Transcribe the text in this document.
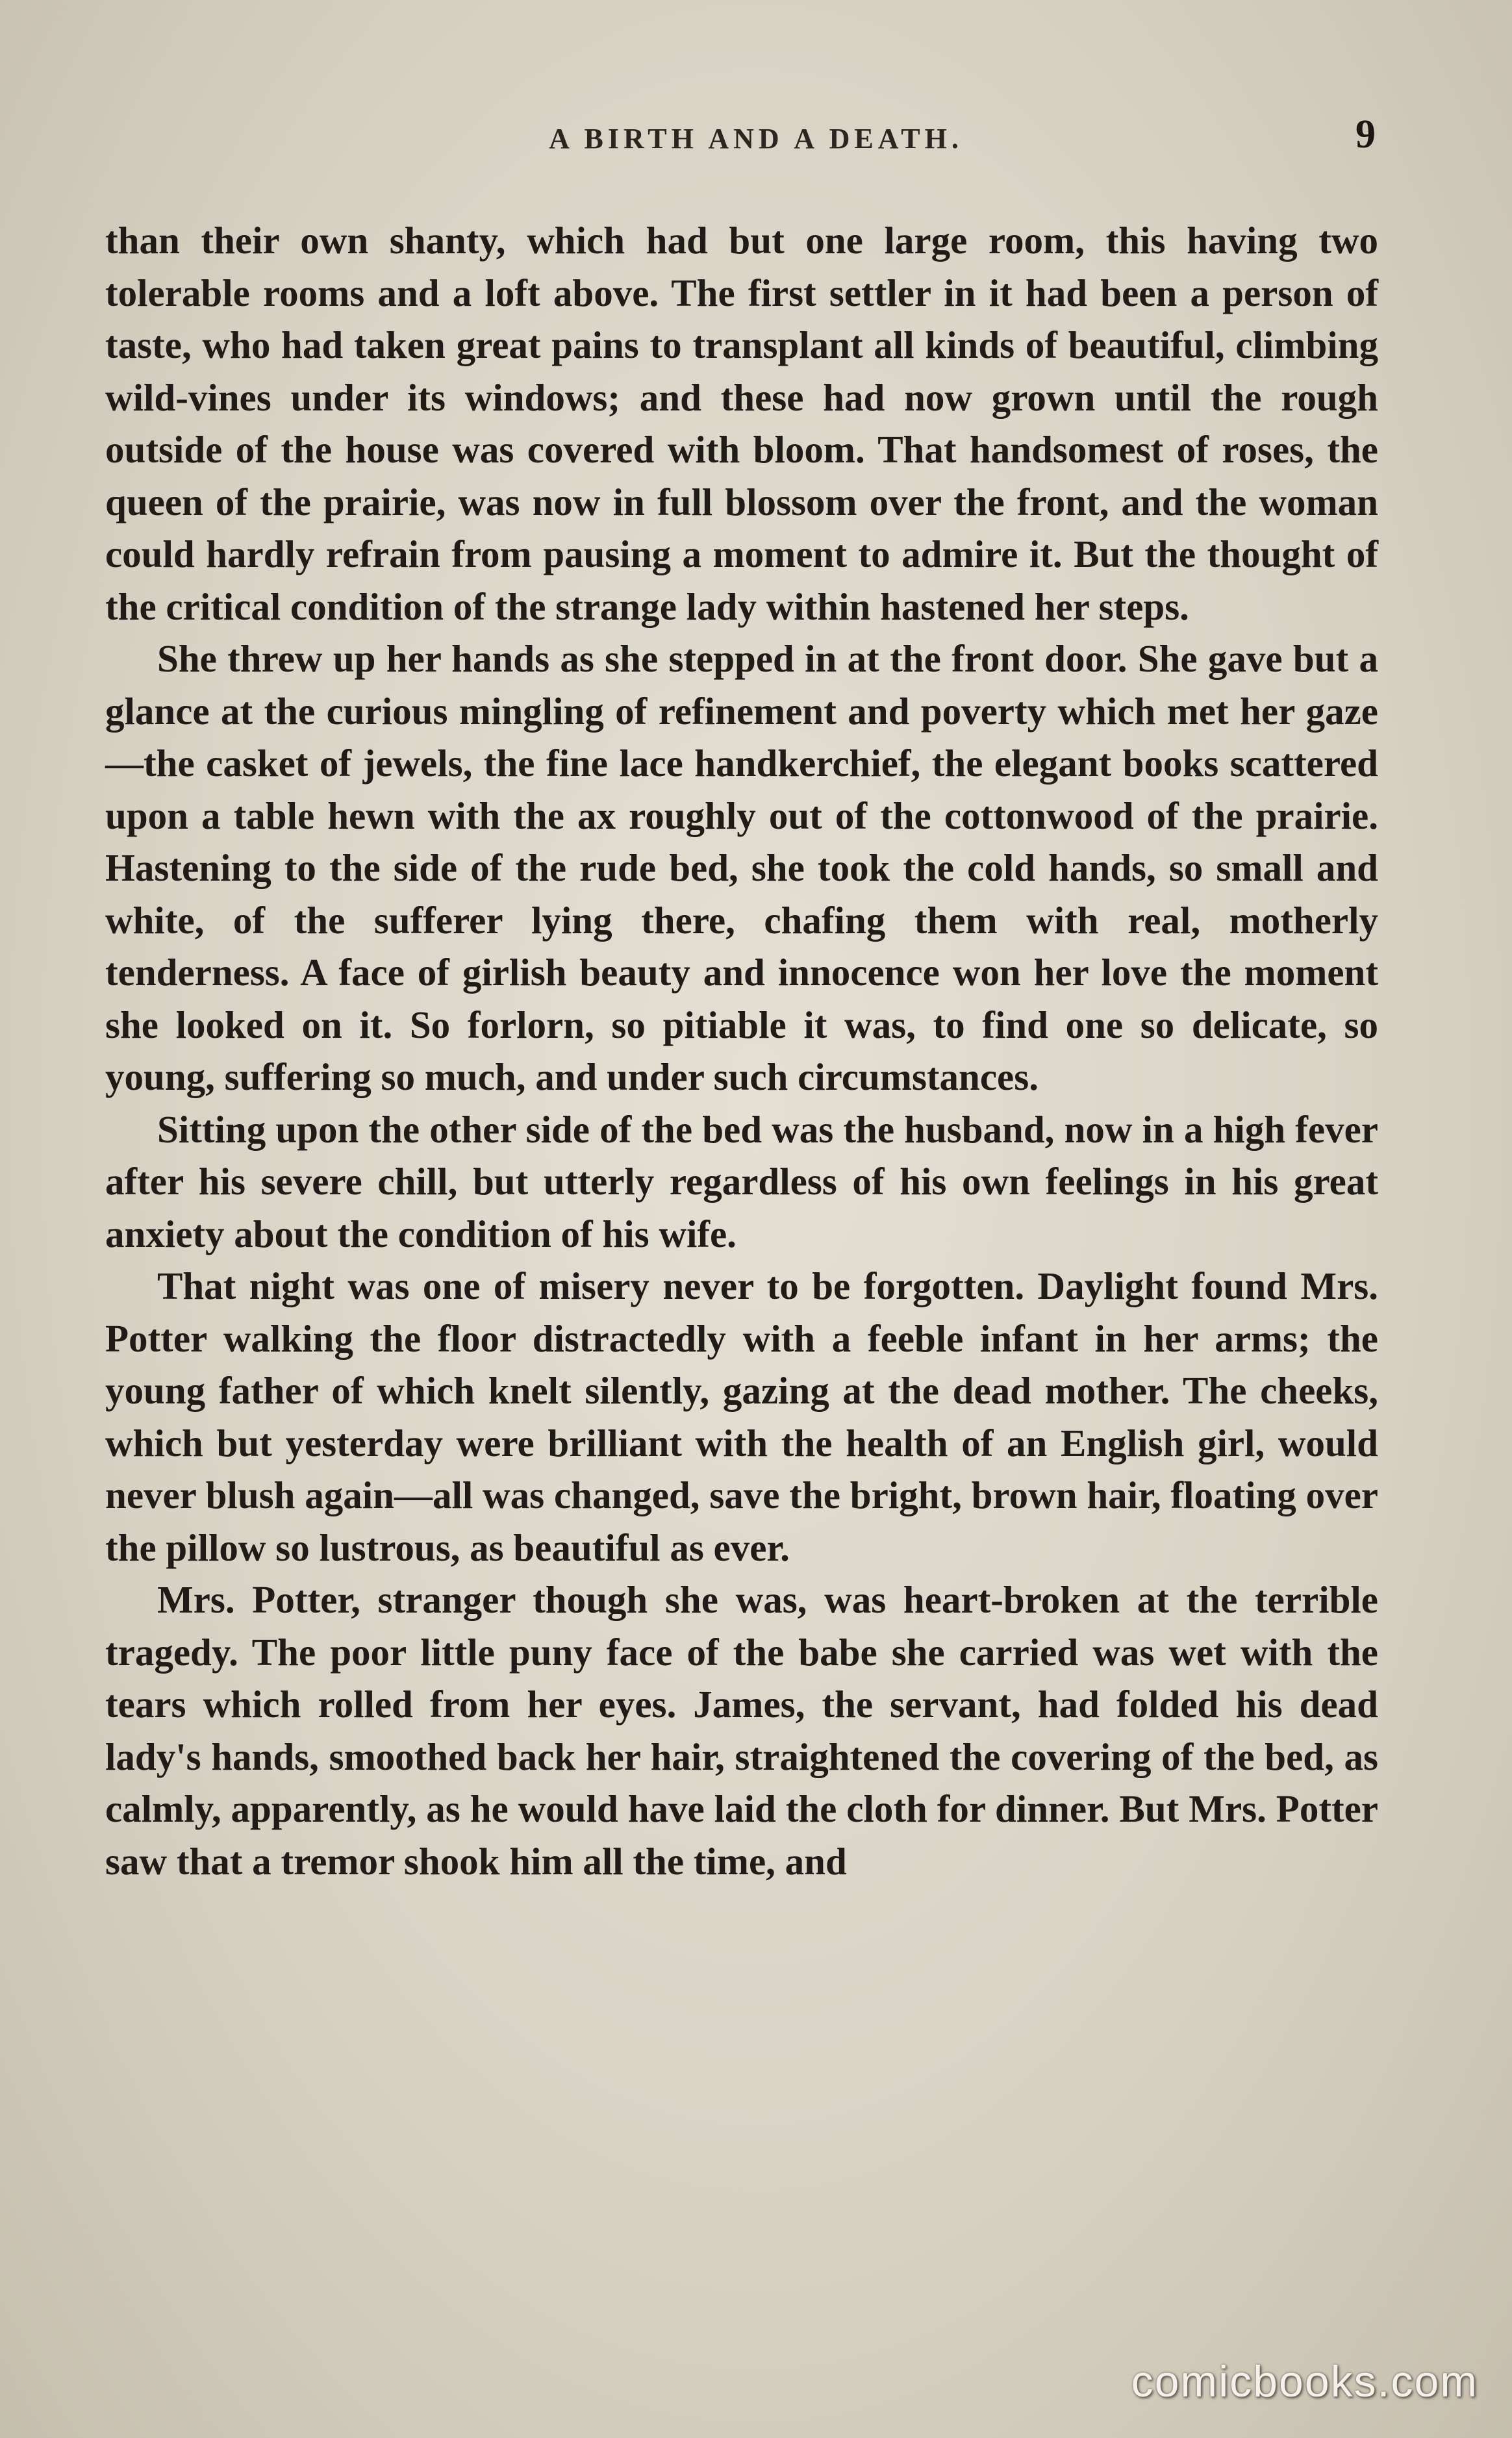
A BIRTH AND A DEATH.	9

than their own shanty, which had but one large room, this having two tolerable rooms and a loft above. The first settler in it had been a person of taste, who had taken great pains to transplant all kinds of beautiful, climbing wild-vines under its windows; and these had now grown until the rough outside of the house was covered with bloom. That handsomest of roses, the queen of the prairie, was now in full blossom over the front, and the woman could hardly refrain from pausing a moment to admire it. But the thought of the critical condition of the strange lady within hastened her steps.

She threw up her hands as she stepped in at the front door. She gave but a glance at the curious mingling of refinement and poverty which met her gaze—the casket of jewels, the fine lace handkerchief, the elegant books scattered upon a table hewn with the ax roughly out of the cottonwood of the prairie. Hastening to the side of the rude bed, she took the cold hands, so small and white, of the sufferer lying there, chafing them with real, motherly tenderness. A face of girlish beauty and innocence won her love the moment she looked on it. So forlorn, so pitiable it was, to find one so delicate, so young, suffering so much, and under such circumstances.

Sitting upon the other side of the bed was the husband, now in a high fever after his severe chill, but utterly regardless of his own feelings in his great anxiety about the condition of his wife.

That night was one of misery never to be forgotten. Daylight found Mrs. Potter walking the floor distractedly with a feeble infant in her arms; the young father of which knelt silently, gazing at the dead mother. The cheeks, which but yesterday were brilliant with the health of an English girl, would never blush again—all was changed, save the bright, brown hair, floating over the pillow so lustrous, as beautiful as ever.

Mrs. Potter, stranger though she was, was heart-broken at the terrible tragedy. The poor little puny face of the babe she carried was wet with the tears which rolled from her eyes. James, the servant, had folded his dead lady's hands, smoothed back her hair, straightened the covering of the bed, as calmly, apparently, as he would have laid the cloth for dinner. But Mrs. Potter saw that a tremor shook him all the time, and

comicbooks.com
